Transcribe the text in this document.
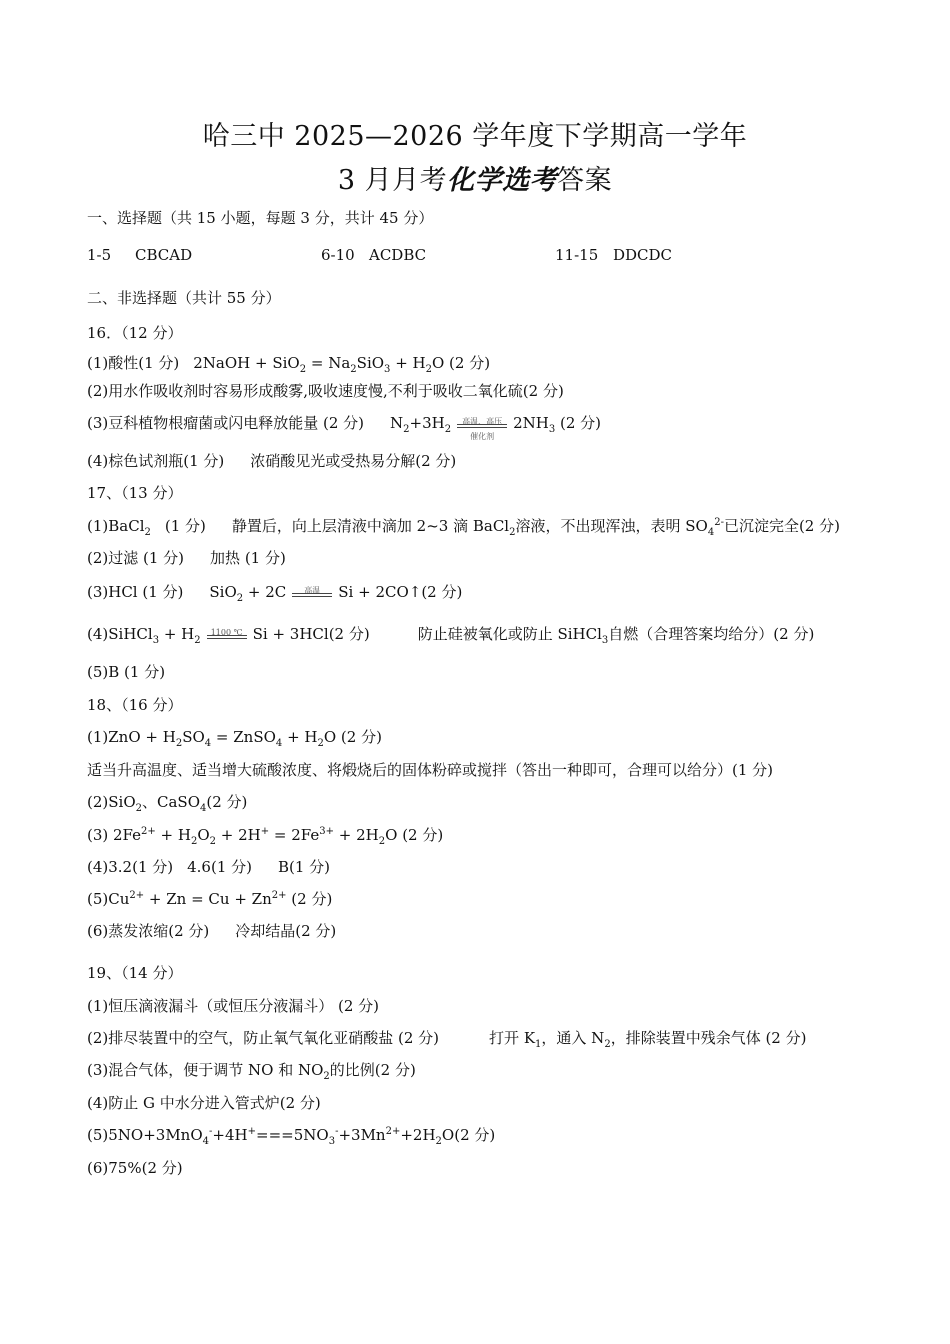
哈三中 2025—2026 学年度下学期高一学年
3 月月考化学选考答案
一、选择题（共 15 小题，每题 3 分，共计 45 分）
1-5 CBCAD	6-10 ACDBC	11-15 DDCDC
二、非选择题（共计 55 分）
16．（12 分）
(1)酸性(1 分) 2NaOH + $SiO_2 = Na_2SiO_3 + H_2O$ (2 分)
(2)用水作吸收剂时容易形成酸雾,吸收速度慢,不利于吸收二氧化硫(2 分)
(3)豆科植物根瘤菌或闪电释放能量 (2 分) $N_2+3H_2$
高温、高压
催化剂
$2NH_3$ (2 分)
(4)棕色试剂瓶(1 分) 浓硝酸见光或受热易分解(2 分)
17、（13 分）
(1)BaCl$_2$ (1 分) 静置后，向上层清液中滴加 2~3 滴 BaCl$_2$溶液，不出现浑浊，表明 $SO_4^{2-}$已沉淀完全(2 分)
(2)过滤 (1 分) 加热 (1 分)
(3)HCl (1 分) SiO$_2$ + 2C	高温	Si + 2CO↑(2 分)
(4)SiHCl$_3$ + $H_2$
1100 ℃ Si + 3HCl(2 分)	防止硅被氧化或防止 SiHCl$_3$自燃（合理答案均给分）(2 分)
(5)B (1 分)
18、（16 分）
$(1)ZnO + H_2SO_4$ = ZnSO$_4$ + $H_2O$ (2 分)
适当升高温度、适当增大硫酸浓度、将煅烧后的固体粉碎或搅拌（答出一种即可，合理可以给分）(1 分)
(2)SiO$_2$、CaSO$_4$(2 分)
(3) $2Fe^{2+} + H_2O_2 + 2H^+ = 2Fe^{3+} + 2H_2O$ (2 分)
(4)3.2(1 分) 4.6(1 分) B(1 分)
$(5)Cu^{2+} + Zn = Cu + Zn^{2+}$ (2 分)
(6)蒸发浓缩(2 分) 冷却结晶(2 分)
19、（14 分）
(1)恒压滴液漏斗（或恒压分液漏斗） (2 分)
(2)排尽装置中的空气，防止氧气氧化亚硝酸盐 (2 分)	打开 $K_1$，通入 $N_2$，排除装置中残余气体 (2 分)
(3)混合气体，便于调节 NO 和 $NO_2$的比例(2 分)
(4)防止 G 中水分进入管式炉(2 分)
$(5)5NO+3MnO_4^-+4H^+===5NO_3^-+3Mn^{2+}+2H_2O(2$ 分)
(6)75%(2 分)
